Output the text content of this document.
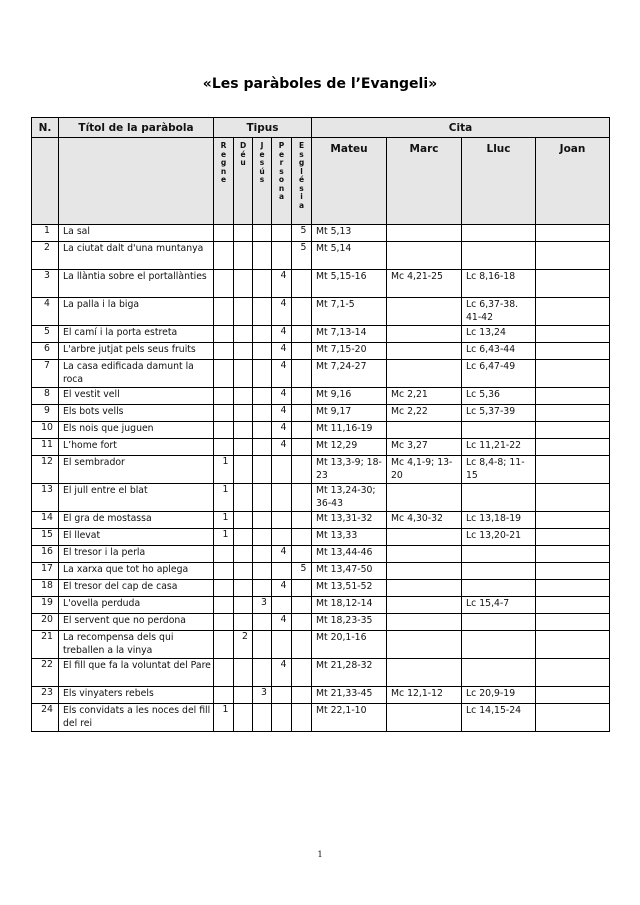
«Les paràboles de l’Evangeli»
N.	Títol de la paràbola	Tipus					Cita			

		Regne	Déu	Jesús	Persona	Església	Mateu	Marc	Lluc	Joan
1	La sal					5	Mt 5,13			
2	La ciutat dalt d'una muntanya					5	Mt 5,14			
3	La llàntia sobre el portallànties				4		Mt 5,15-16	Mc 4,21-25	Lc 8,16-18	
4	La palla i la biga				4		Mt 7,1-5		Lc 6,37-38. 41-42	
5	El camí i la porta estreta				4		Mt 7,13-14		Lc 13,24	
6	L'arbre jutjat pels seus fruits				4		Mt 7,15-20		Lc 6,43-44	
7	La casa edificada damunt la roca				4		Mt 7,24-27		Lc 6,47-49	
8	El vestit vell				4		Mt 9,16	Mc 2,21	Lc 5,36	
9	Els bots vells				4		Mt 9,17	Mc 2,22	Lc 5,37-39	
10	Els nois que juguen				4		Mt 11,16-19			
11	L’home fort				4		Mt 12,29	Mc 3,27	Lc 11,21-22	
12	El sembrador	1					Mt 13,3-9; 18-23	Mc 4,1-9; 13-20	Lc 8,4-8; 11-15	
13	El jull entre el blat	1					Mt 13,24-30; 36-43			
14	El gra de mostassa	1					Mt 13,31-32	Mc 4,30-32	Lc 13,18-19	
15	El llevat	1					Mt 13,33		Lc 13,20-21	
16	El tresor i la perla				4		Mt 13,44-46			
17	La xarxa que tot ho aplega					5	Mt 13,47-50			
18	El tresor del cap de casa				4		Mt 13,51-52			
19	L'ovella perduda			3			Mt 18,12-14		Lc 15,4-7	
20	El servent que no perdona				4		Mt 18,23-35			
21	La recompensa dels qui treballen a la vinya		2				Mt 20,1-16			
22	El fill que fa la voluntat del Pare				4		Mt 21,28-32			
23	Els vinyaters rebels			3			Mt 21,33-45	Mc 12,1-12	Lc 20,9-19	
24	Els convidats a les noces del fill del rei	1					Mt 22,1-10		Lc 14,15-24	
1
